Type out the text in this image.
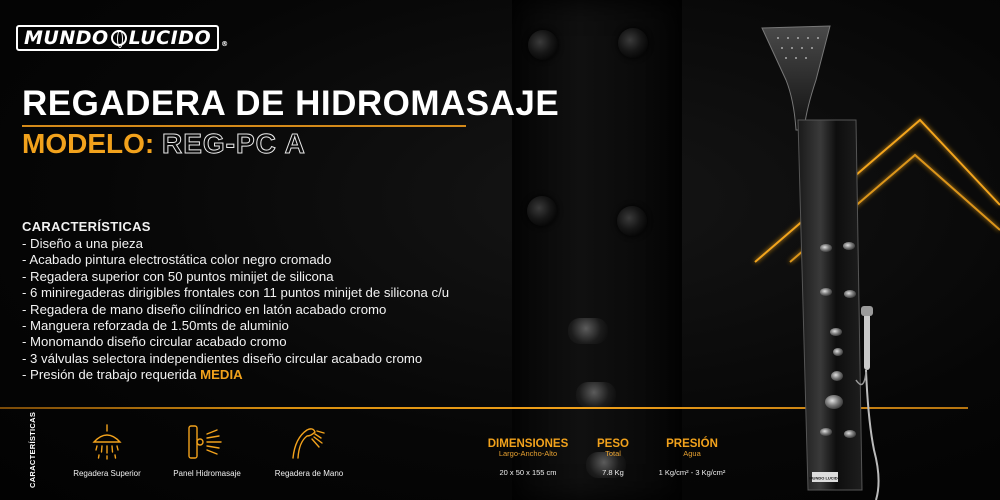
MUNDO LUCIDO ®
REGADERA DE HIDROMASAJE
MODELO: REG-PC A
CARACTERÍSTICAS
- Diseño a una pieza
- Acabado pintura electrostática color negro cromado
- Regadera superior con 50 puntos minijet de silicona
- 6 miniregaderas dirigibles frontales con 11 puntos minijet de silicona c/u
- Regadera de mano diseño cilíndrico en latón acabado cromo
- Manguera reforzada de 1.50mts de aluminio
- Monomando diseño circular acabado cromo
- 3 válvulas selectora independientes diseño circular acabado cromo
- Presión de trabajo requerida MEDIA
CARACTERÍSTICAS	Regadera Superior	Panel Hidromasaje	Regadera de Mano
DIMENSIONES
Largo-Ancho-Alto
20 x 50 x 155 cm
PESO
Total
7.8 Kg
PRESIÓN
Agua
1 Kg/cm² - 3 Kg/cm²
MUNDO LUCIDO
